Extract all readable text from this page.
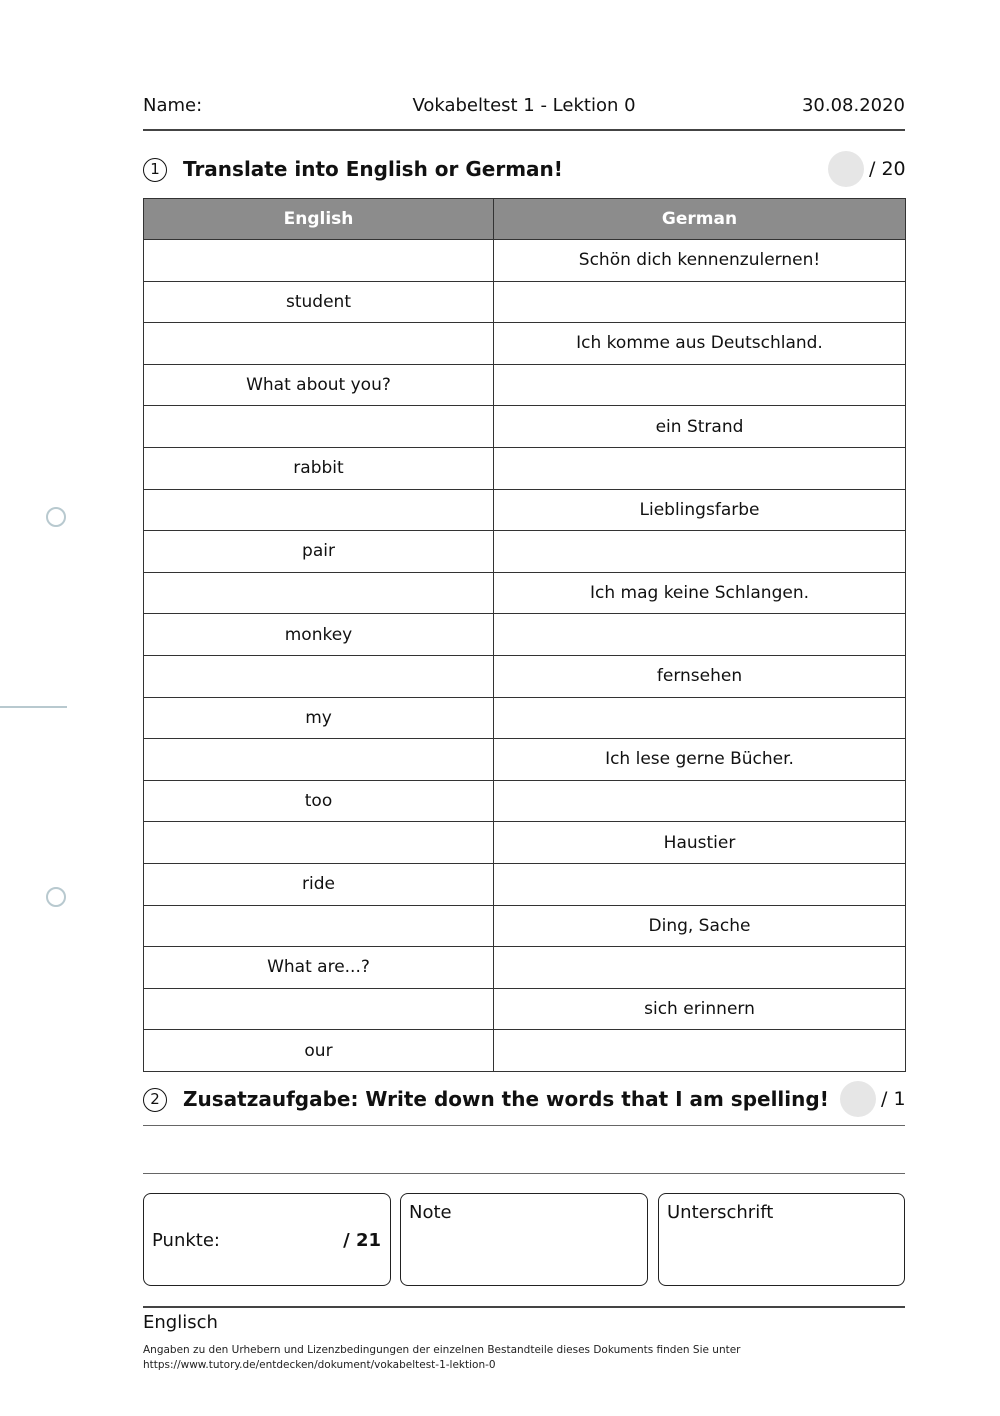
Name:	Vokabeltest 1 - Lektion 0	30.08.2020
1	Translate into English or German!	/ 20
English	German
	Schön dich kennenzulernen!
student	
	Ich komme aus Deutschland.
What about you?	
	ein Strand
rabbit	
	Lieblingsfarbe
pair	
	Ich mag keine Schlangen.
monkey	
	fernsehen
my	
	Ich lese gerne Bücher.
too	
	Haustier
ride	
	Ding, Sache
What are...?	
	sich erinnern
our	
2	Zusatzaufgabe: Write down the words that I am spelling!	/ 1
Punkte:	/ 21
Note	Unterschrift
Englisch
Angaben zu den Urhebern und Lizenzbedingungen der einzelnen Bestandteile dieses Dokuments finden Sie unter
https://www.tutory.de/entdecken/dokument/vokabeltest-1-lektion-0
